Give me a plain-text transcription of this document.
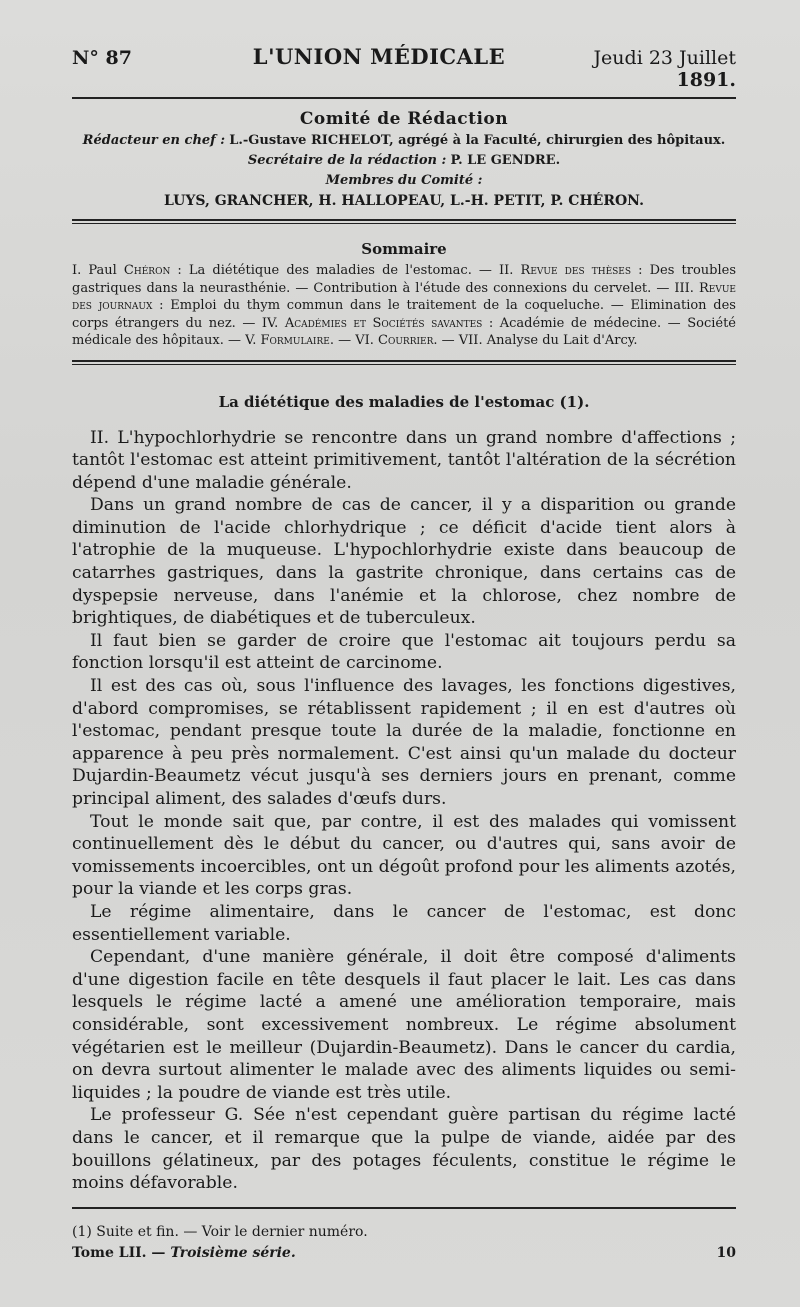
N° 87	L'UNION MÉDICALE	Jeudi 23 Juillet 1891.
Comité de Rédaction
Rédacteur en chef : L.-Gustave RICHELOT, agrégé à la Faculté, chirurgien des hôpitaux.
Secrétaire de la rédaction : P. LE GENDRE.
Membres du Comité :
LUYS, GRANCHER, H. HALLOPEAU, L.-H. PETIT, P. CHÉRON.
Sommaire
I. Paul Chéron : La diététique des maladies de l'estomac. — II. Revue des thèses : Des troubles gastriques dans la neurasthénie. — Contribution à l'étude des connexions du cervelet. — III. Revue des journaux : Emploi du thym commun dans le traitement de la coqueluche. — Elimination des corps étrangers du nez. — IV. Académies et Sociétés savantes : Académie de médecine. — Société médicale des hôpitaux. — V. Formulaire. — VI. Courrier. — VII. Analyse du Lait d'Arcy.
La diététique des maladies de l'estomac (1).

II. L'hypochlorhydrie se rencontre dans un grand nombre d'affections ; tantôt l'estomac est atteint primitivement, tantôt l'altération de la sécrétion dépend d'une maladie générale.

Dans un grand nombre de cas de cancer, il y a disparition ou grande diminution de l'acide chlorhydrique ; ce déficit d'acide tient alors à l'atrophie de la muqueuse. L'hypochlorhydrie existe dans beaucoup de catarrhes gastriques, dans la gastrite chronique, dans certains cas de dyspepsie nerveuse, dans l'anémie et la chlorose, chez nombre de brightiques, de diabétiques et de tuberculeux.

Il faut bien se garder de croire que l'estomac ait toujours perdu sa fonction lorsqu'il est atteint de carcinome.

Il est des cas où, sous l'influence des lavages, les fonctions digestives, d'abord compromises, se rétablissent rapidement ; il en est d'autres où l'estomac, pendant presque toute la durée de la maladie, fonctionne en apparence à peu près normalement. C'est ainsi qu'un malade du docteur Dujardin-Beaumetz vécut jusqu'à ses derniers jours en prenant, comme principal aliment, des salades d'œufs durs.

Tout le monde sait que, par contre, il est des malades qui vomissent continuellement dès le début du cancer, ou d'autres qui, sans avoir de vomissements incoercibles, ont un dégoût profond pour les aliments azotés, pour la viande et les corps gras.

Le régime alimentaire, dans le cancer de l'estomac, est donc essentiellement variable.

Cependant, d'une manière générale, il doit être composé d'aliments d'une digestion facile en tête desquels il faut placer le lait. Les cas dans lesquels le régime lacté a amené une amélioration temporaire, mais considérable, sont excessivement nombreux. Le régime absolument végétarien est le meilleur (Dujardin-Beaumetz). Dans le cancer du cardia, on devra surtout alimenter le malade avec des aliments liquides ou semi-liquides ; la poudre de viande est très utile.

Le professeur G. Sée n'est cependant guère partisan du régime lacté dans le cancer, et il remarque que la pulpe de viande, aidée par des bouillons gélatineux, par des potages féculents, constitue le régime le moins défavorable.

(1) Suite et fin. — Voir le dernier numéro.
Tome LII. — Troisième série.	10
